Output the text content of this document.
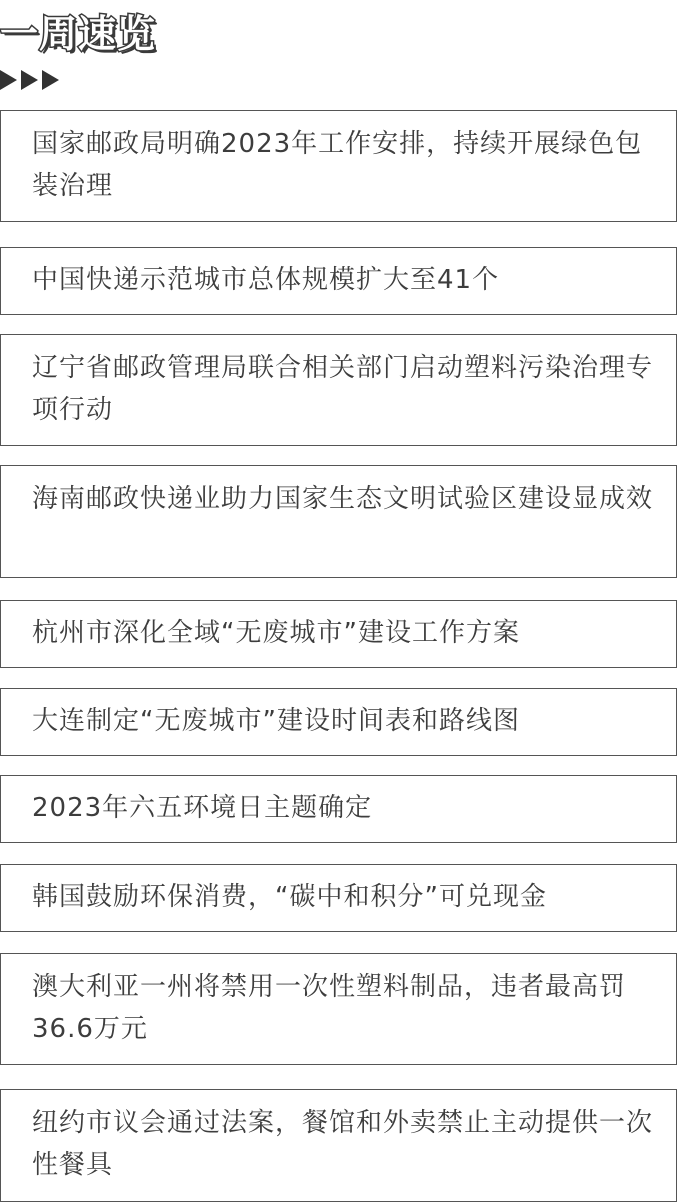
一周速览
国家邮政局明确2023年工作安排，持续开展绿色包装治理
中国快递示范城市总体规模扩大至41个
辽宁省邮政管理局联合相关部门启动塑料污染治理专项行动
海南邮政快递业助力国家生态文明试验区建设显成效
杭州市深化全域“无废城市”建设工作方案
大连制定“无废城市”建设时间表和路线图
2023年六五环境日主题确定
韩国鼓励环保消费，“碳中和积分”可兑现金
澳大利亚一州将禁用一次性塑料制品，违者最高罚36.6万元
纽约市议会通过法案，餐馆和外卖禁止主动提供一次性餐具
